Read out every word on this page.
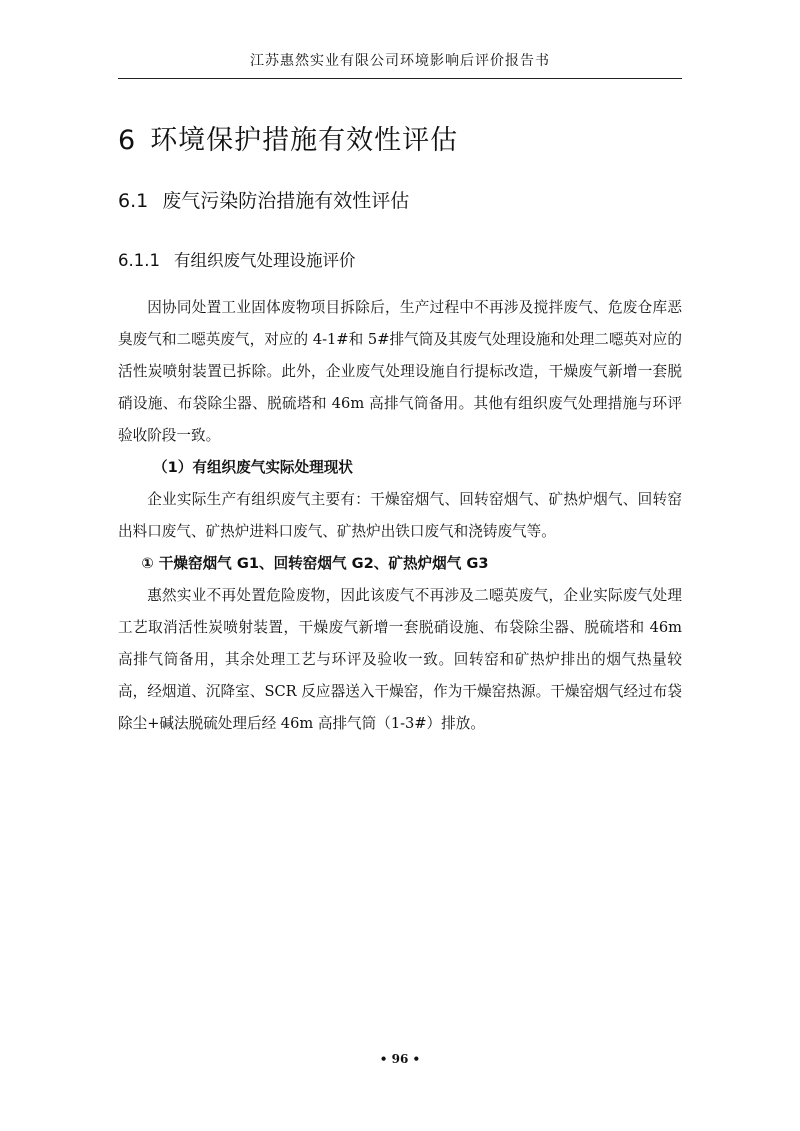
江苏惠然实业有限公司环境影响后评价报告书
6 环境保护措施有效性评估
6.1 废气污染防治措施有效性评估
6.1.1 有组织废气处理设施评价

因协同处置工业固体废物项目拆除后，生产过程中不再涉及搅拌废气、危废仓库恶臭废气和二噁英废气，对应的 4-1#和 5#排气筒及其废气处理设施和处理二噁英对应的活性炭喷射装置已拆除。此外，企业废气处理设施自行提标改造，干燥废气新增一套脱硝设施、布袋除尘器、脱硫塔和 46m 高排气筒备用。其他有组织废气处理措施与环评验收阶段一致。

（1）有组织废气实际处理现状

企业实际生产有组织废气主要有：干燥窑烟气、回转窑烟气、矿热炉烟气、回转窑出料口废气、矿热炉进料口废气、矿热炉出铁口废气和浇铸废气等。

① 干燥窑烟气 G1、回转窑烟气 G2、矿热炉烟气 G3

惠然实业不再处置危险废物，因此该废气不再涉及二噁英废气，企业实际废气处理工艺取消活性炭喷射装置，干燥废气新增一套脱硝设施、布袋除尘器、脱硫塔和 46m 高排气筒备用，其余处理工艺与环评及验收一致。回转窑和矿热炉排出的烟气热量较高，经烟道、沉降室、SCR 反应器送入干燥窑，作为干燥窑热源。干燥窑烟气经过布袋除尘+碱法脱硫处理后经 46m 高排气筒（1-3#）排放。

• 96 •
